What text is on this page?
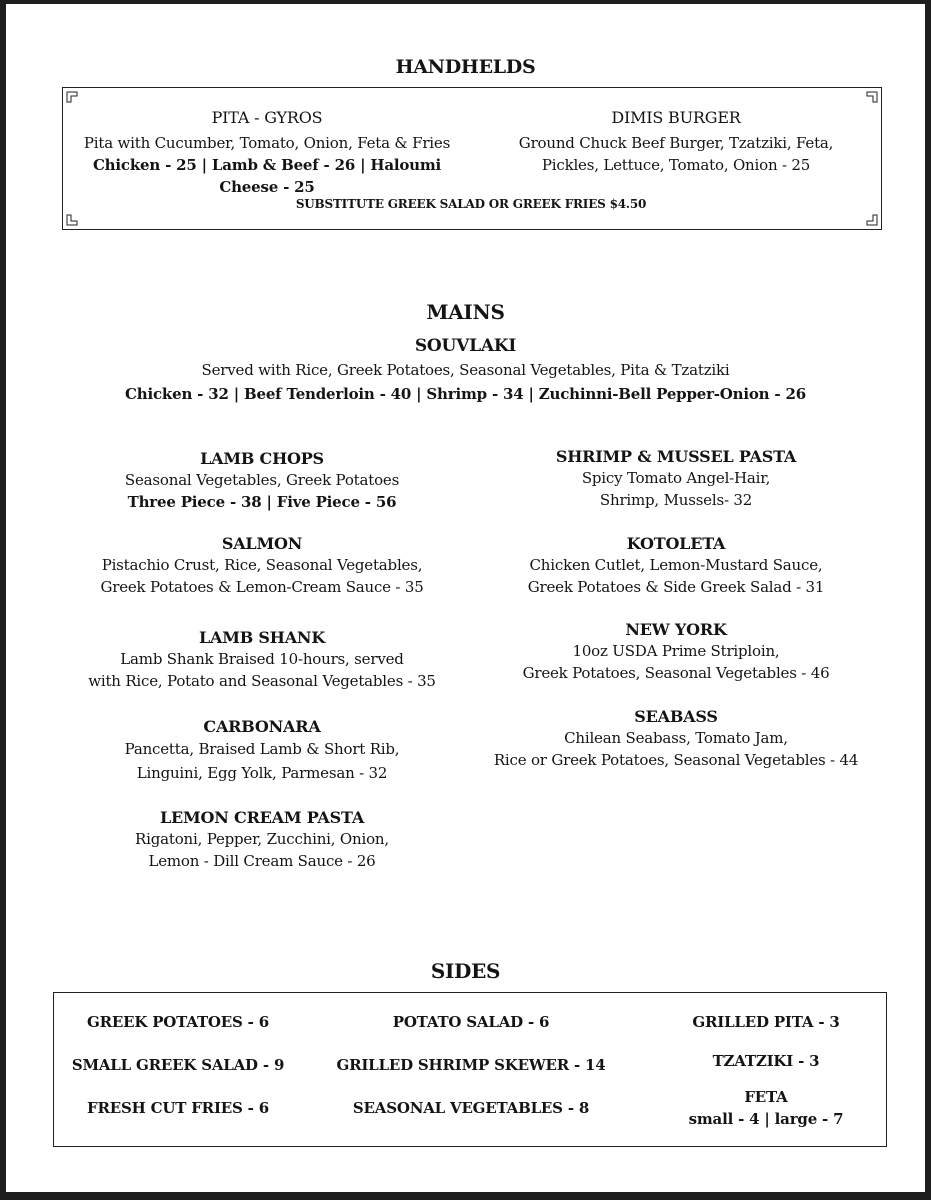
HANDHELDS
PITA - GYROS
Pita with Cucumber, Tomato, Onion, Feta & Fries
Chicken - 25 | Lamb & Beef - 26 | Haloumi Cheese - 25
DIMIS BURGER
Ground Chuck Beef Burger, Tzatziki, Feta,
Pickles, Lettuce, Tomato, Onion - 25
SUBSTITUTE GREEK SALAD OR GREEK FRIES $4.50
MAINS
SOUVLAKI
Served with Rice, Greek Potatoes, Seasonal Vegetables, Pita & Tzatziki
Chicken - 32 | Beef Tenderloin - 40 | Shrimp - 34 | Zuchinni-Bell Pepper-Onion - 26
LAMB CHOPS
Seasonal Vegetables, Greek Potatoes
Three Piece - 38 | Five Piece - 56
SALMON
Pistachio Crust, Rice, Seasonal Vegetables,
Greek Potatoes & Lemon-Cream Sauce - 35
LAMB SHANK
Lamb Shank Braised 10-hours, served
with Rice, Potato and Seasonal Vegetables - 35
CARBONARA
Pancetta, Braised Lamb & Short Rib,
Linguini, Egg Yolk, Parmesan - 32
LEMON CREAM PASTA
Rigatoni, Pepper, Zucchini, Onion,
Lemon - Dill Cream Sauce - 26
SHRIMP & MUSSEL PASTA
Spicy Tomato Angel-Hair,
Shrimp, Mussels- 32
KOTOLETA
Chicken Cutlet, Lemon-Mustard Sauce,
Greek Potatoes & Side Greek Salad - 31
NEW YORK
10oz USDA Prime Striploin,
Greek Potatoes, Seasonal Vegetables - 46
SEABASS
Chilean Seabass, Tomato Jam,
Rice or Greek Potatoes, Seasonal Vegetables - 44
SIDES
GREEK POTATOES - 6
SMALL GREEK SALAD - 9
FRESH CUT FRIES - 6
POTATO SALAD - 6
GRILLED SHRIMP SKEWER - 14
SEASONAL VEGETABLES - 8
GRILLED PITA - 3
TZATZIKI - 3
FETA
small - 4 | large - 7
